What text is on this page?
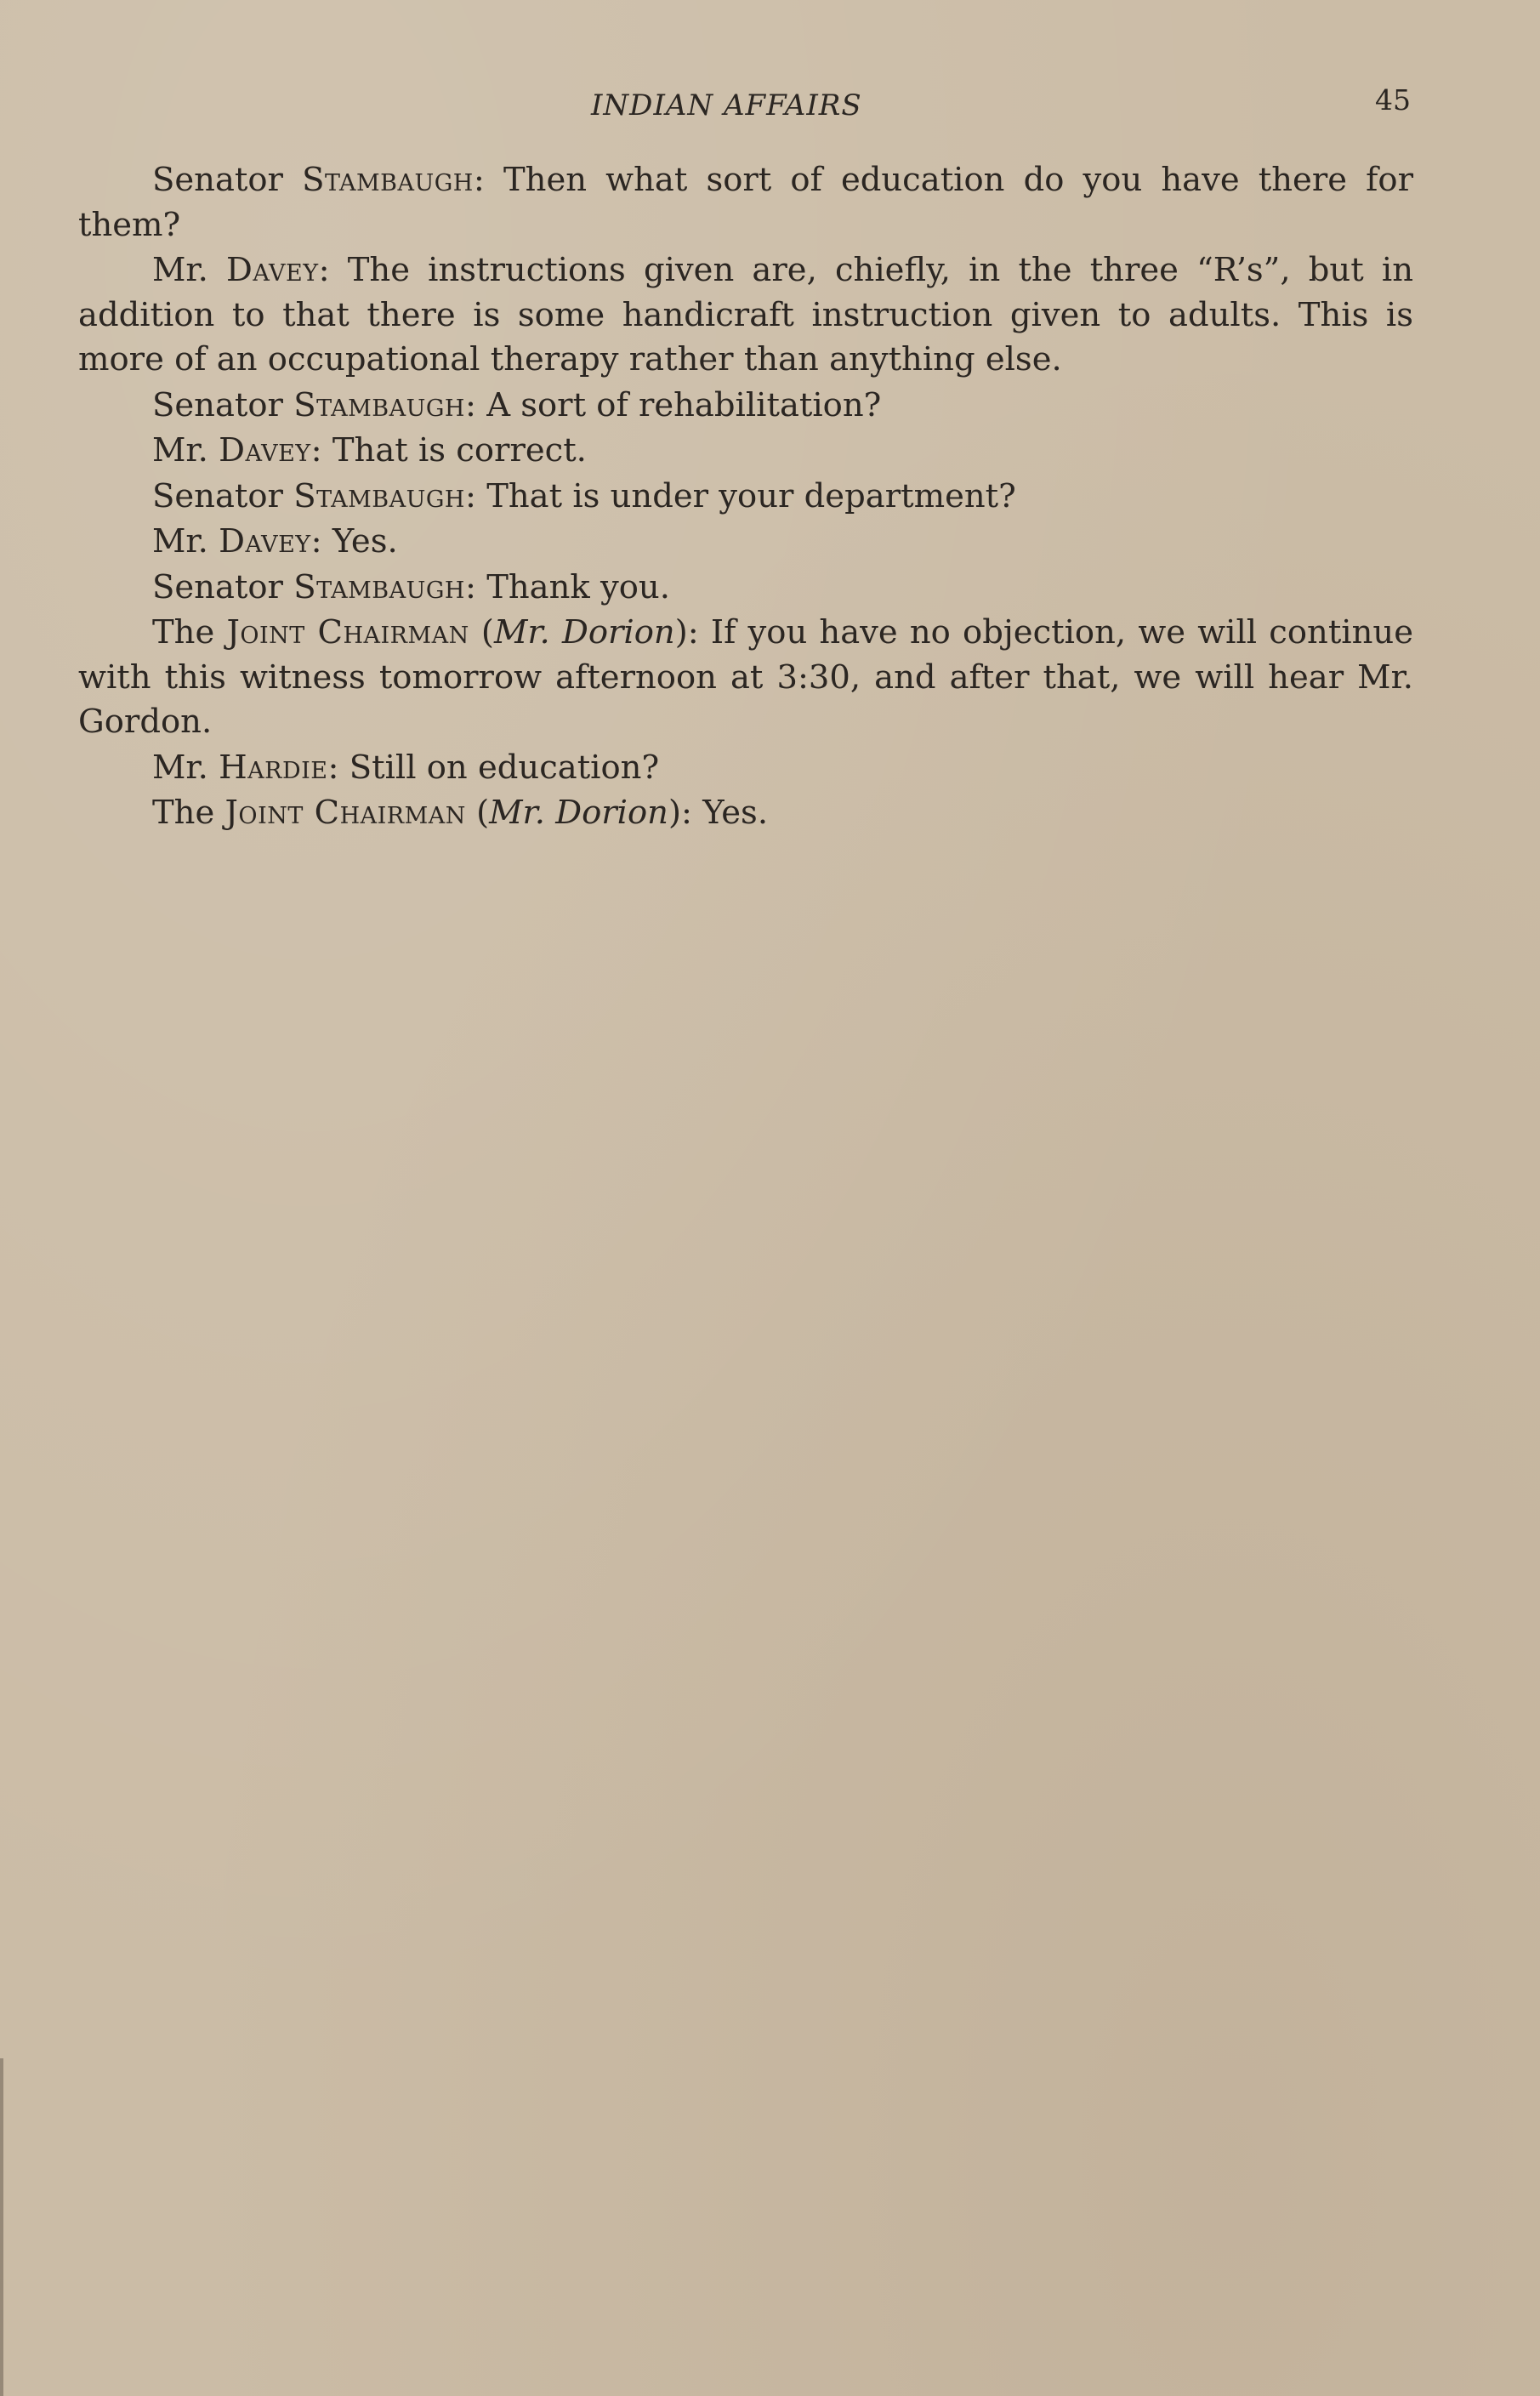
INDIAN AFFAIRS	45

Senator Stambaugh: Then what sort of education do you have there for them?

Mr. Davey: The instructions given are, chiefly, in the three “R’s”, but in addition to that there is some handicraft instruction given to adults. This is more of an occupational therapy rather than anything else.

Senator Stambaugh: A sort of rehabilitation?

Mr. Davey: That is correct.

Senator Stambaugh: That is under your department?

Mr. Davey: Yes.

Senator Stambaugh: Thank you.

The Joint Chairman (Mr. Dorion): If you have no objection, we will continue with this witness tomorrow afternoon at 3:30, and after that, we will hear Mr. Gordon.

Mr. Hardie: Still on education?

The Joint Chairman (Mr. Dorion): Yes.
